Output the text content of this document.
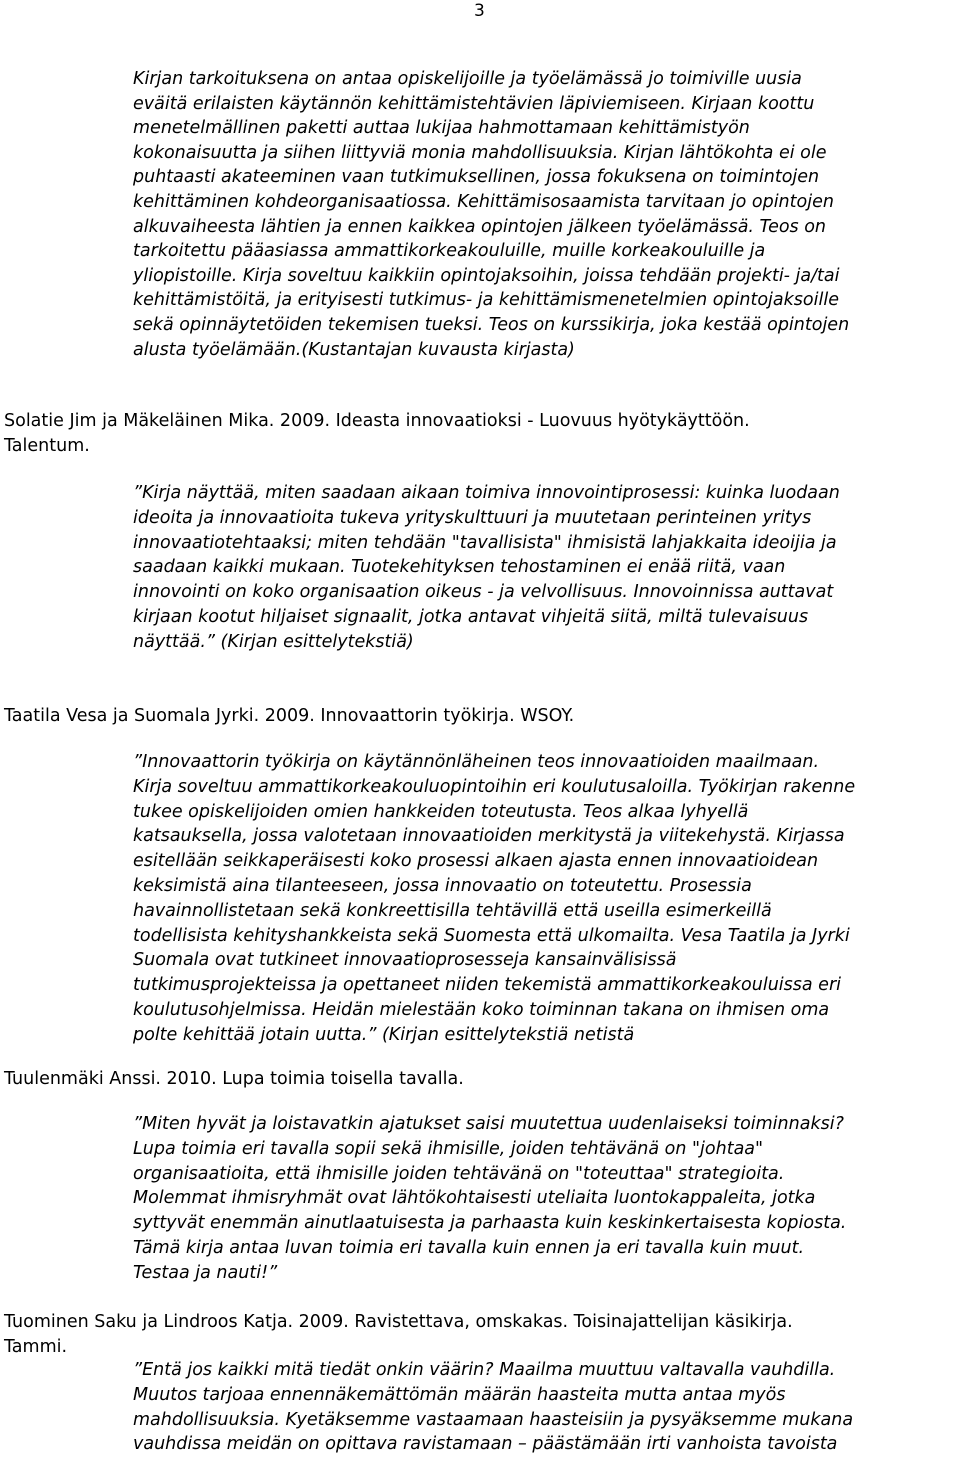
3
Kirjan tarkoituksena on antaa opiskelijoille ja työelämässä jo toimiville uusia
eväitä erilaisten käytännön kehittämistehtävien läpiviemiseen. Kirjaan koottu
menetelmällinen paketti auttaa lukijaa hahmottamaan kehittämistyön
kokonaisuutta ja siihen liittyviä monia mahdollisuuksia. Kirjan lähtökohta ei ole
puhtaasti akateeminen vaan tutkimuksellinen, jossa fokuksena on toimintojen
kehittäminen kohdeorganisaatiossa. Kehittämisosaamista tarvitaan jo opintojen
alkuvaiheesta lähtien ja ennen kaikkea opintojen jälkeen työelämässä. Teos on
tarkoitettu pääasiassa ammattikorkeakouluille, muille korkeakouluille ja
yliopistoille. Kirja soveltuu kaikkiin opintojaksoihin, joissa tehdään projekti- ja/tai
kehittämistöitä, ja erityisesti tutkimus- ja kehittämismenetelmien opintojaksoille
sekä opinnäytetöiden tekemisen tueksi. Teos on kurssikirja, joka kestää opintojen
alusta työelämään.(Kustantajan kuvausta kirjasta)
Solatie Jim ja Mäkeläinen Mika. 2009. Ideasta innovaatioksi - Luovuus hyötykäyttöön.
Talentum.
”Kirja näyttää, miten saadaan aikaan toimiva innovointiprosessi: kuinka luodaan
ideoita ja innovaatioita tukeva yrityskulttuuri ja muutetaan perinteinen yritys
innovaatiotehtaaksi; miten tehdään "tavallisista" ihmisistä lahjakkaita ideoijia ja
saadaan kaikki mukaan. Tuotekehityksen tehostaminen ei enää riitä, vaan
innovointi on koko organisaation oikeus - ja velvollisuus. Innovoinnissa auttavat
kirjaan kootut hiljaiset signaalit, jotka antavat vihjeitä siitä, miltä tulevaisuus
näyttää.” (Kirjan esittelytekstiä)
Taatila Vesa ja Suomala Jyrki. 2009. Innovaattorin työkirja. WSOY.
”Innovaattorin työkirja on käytännönläheinen teos innovaatioiden maailmaan.
Kirja soveltuu ammattikorkeakouluopintoihin eri koulutusaloilla. Työkirjan rakenne
tukee opiskelijoiden omien hankkeiden toteutusta. Teos alkaa lyhyellä
katsauksella, jossa valotetaan innovaatioiden merkitystä ja viitekehystä. Kirjassa
esitellään seikkaperäisesti koko prosessi alkaen ajasta ennen innovaatioidean
keksimistä aina tilanteeseen, jossa innovaatio on toteutettu. Prosessia
havainnollistetaan sekä konkreettisilla tehtävillä että useilla esimerkeillä
todellisista kehityshankkeista sekä Suomesta että ulkomailta. Vesa Taatila ja Jyrki
Suomala ovat tutkineet innovaatioprosesseja kansainvälisissä
tutkimusprojekteissa ja opettaneet niiden tekemistä ammattikorkeakouluissa eri
koulutusohjelmissa. Heidän mielestään koko toiminnan takana on ihmisen oma
polte kehittää jotain uutta.” (Kirjan esittelytekstiä netistä
Tuulenmäki Anssi. 2010. Lupa toimia toisella tavalla.
”Miten hyvät ja loistavatkin ajatukset saisi muutettua uudenlaiseksi toiminnaksi?
Lupa toimia eri tavalla sopii sekä ihmisille, joiden tehtävänä on "johtaa"
organisaatioita, että ihmisille joiden tehtävänä on "toteuttaa" strategioita.
Molemmat ihmisryhmät ovat lähtökohtaisesti uteliaita luontokappaleita, jotka
syttyvät enemmän ainutlaatuisesta ja parhaasta kuin keskinkertaisesta kopiosta.
Tämä kirja antaa luvan toimia eri tavalla kuin ennen ja eri tavalla kuin muut.
Testaa ja nauti!”
Tuominen Saku ja Lindroos Katja. 2009. Ravistettava, omskakas. Toisinajattelijan käsikirja.
Tammi.
”Entä jos kaikki mitä tiedät onkin väärin? Maailma muuttuu valtavalla vauhdilla.
Muutos tarjoaa ennennäkemättömän määrän haasteita mutta antaa myös
mahdollisuuksia. Kyetäksemme vastaamaan haasteisiin ja pysyäksemme mukana
vauhdissa meidän on opittava ravistamaan – päästämään irti vanhoista tavoista
